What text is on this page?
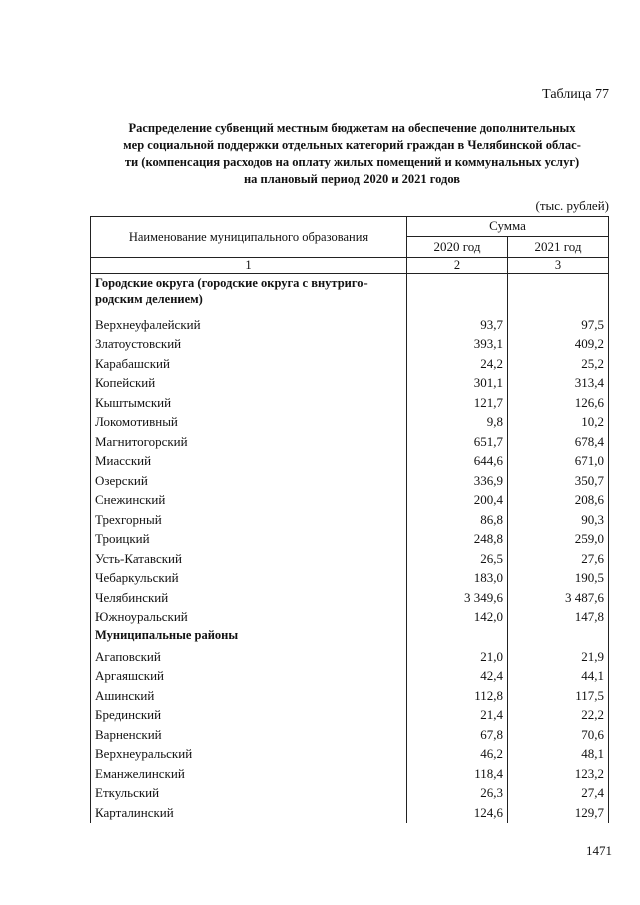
Таблица 77
Распределение субвенций местным бюджетам на обеспечение дополнительных
мер социальной поддержки отдельных категорий граждан в Челябинской облас-
ти (компенсация расходов на оплату жилых помещений и коммунальных услуг)
на плановый период 2020 и 2021 годов
(тыс. рублей)
Наименование муниципального образования	Сумма	
	2020 год	2021 год
1	2	3
Городские округа (городские округа с внутриго-
родским делением)		
Верхнеуфалейский	93,7	97,5
Златоустовский	393,1	409,2
Карабашский	24,2	25,2
Копейский	301,1	313,4
Кыштымский	121,7	126,6
Локомотивный	9,8	10,2
Магнитогорский	651,7	678,4
Миасский	644,6	671,0
Озерский	336,9	350,7
Снежинский	200,4	208,6
Трехгорный	86,8	90,3
Троицкий	248,8	259,0
Усть-Катавский	26,5	27,6
Чебаркульский	183,0	190,5
Челябинский	3 349,6	3 487,6
Южноуральский	142,0	147,8
Муниципальные районы		
Агаповский	21,0	21,9
Аргаяшский	42,4	44,1
Ашинский	112,8	117,5
Брединский	21,4	22,2
Варненский	67,8	70,6
Верхнеуральский	46,2	48,1
Еманжелинский	118,4	123,2
Еткульский	26,3	27,4
Карталинский	124,6	129,7
1471
